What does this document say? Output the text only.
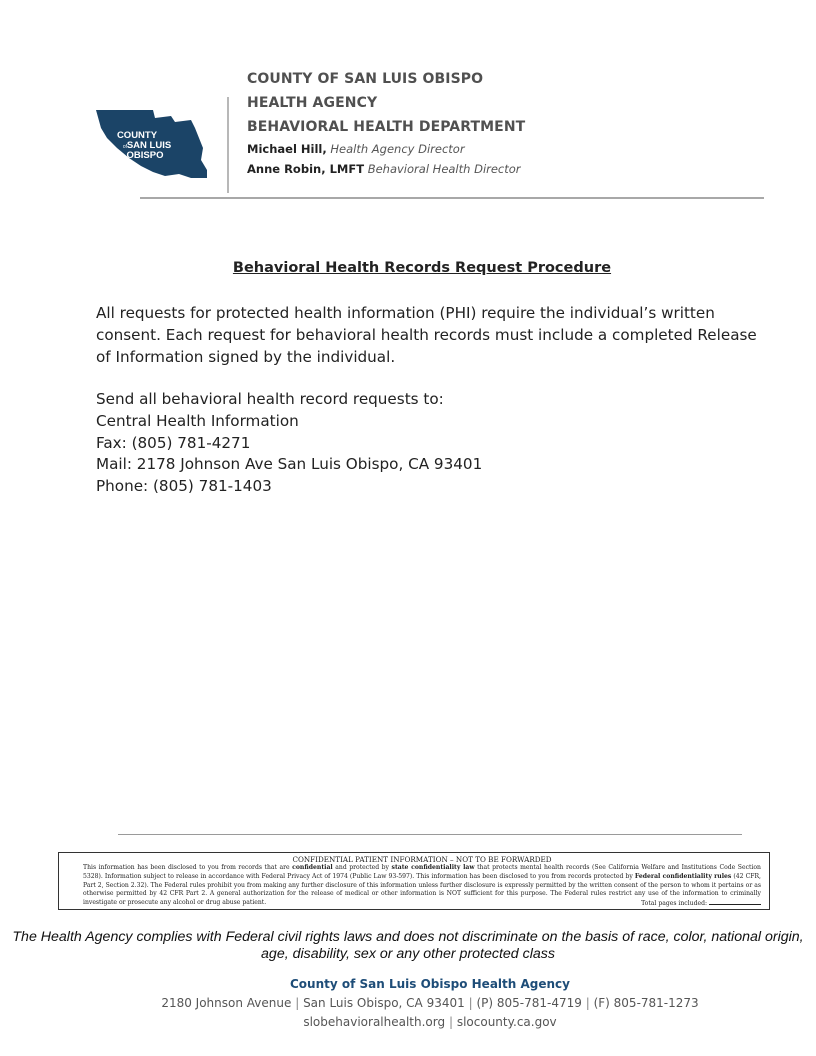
COUNTY
of SAN LUIS
OBISPO
COUNTY OF SAN LUIS OBISPO
HEALTH AGENCY
BEHAVIORAL HEALTH DEPARTMENT
Michael Hill, Health Agency Director
Anne Robin, LMFT Behavioral Health Director
Behavioral Health Records Request Procedure

All requests for protected health information (PHI) require the individual’s written consent. Each request for behavioral health records must include a completed Release of Information signed by the individual.

Send all behavioral health record requests to:
Central Health Information
Fax: (805) 781-4271
Mail: 2178 Johnson Ave San Luis Obispo, CA 93401
Phone: (805) 781-1403
CONFIDENTIAL PATIENT INFORMATION – NOT TO BE FORWARDED

This information has been disclosed to you from records that are confidential and protected by state confidentiality law that protects mental health records (See California Welfare and Institutions Code Section 5328). Information subject to release in accordance with Federal Privacy Act of 1974 (Public Law 93-597). This information has been disclosed to you from records protected by Federal confidentiality rules (42 CFR, Part 2, Section 2.32). The Federal rules prohibit you from making any further disclosure of this information unless further disclosure is expressly permitted by the written consent of the person to whom it pertains or as otherwise permitted by 42 CFR Part 2. A general authorization for the release of medical or other information is NOT sufficient for this purpose. The Federal rules restrict any use of the information to criminally investigate or prosecute any alcohol or drug abuse patient.	Total pages included:
The Health Agency complies with Federal civil rights laws and does not discriminate on the basis of race, color, national origin, age, disability, sex or any other protected class
County of San Luis Obispo Health Agency
2180 Johnson Avenue | San Luis Obispo, CA 93401 | (P) 805-781-4719 | (F) 805-781-1273
slobehavioralhealth.org | slocounty.ca.gov
